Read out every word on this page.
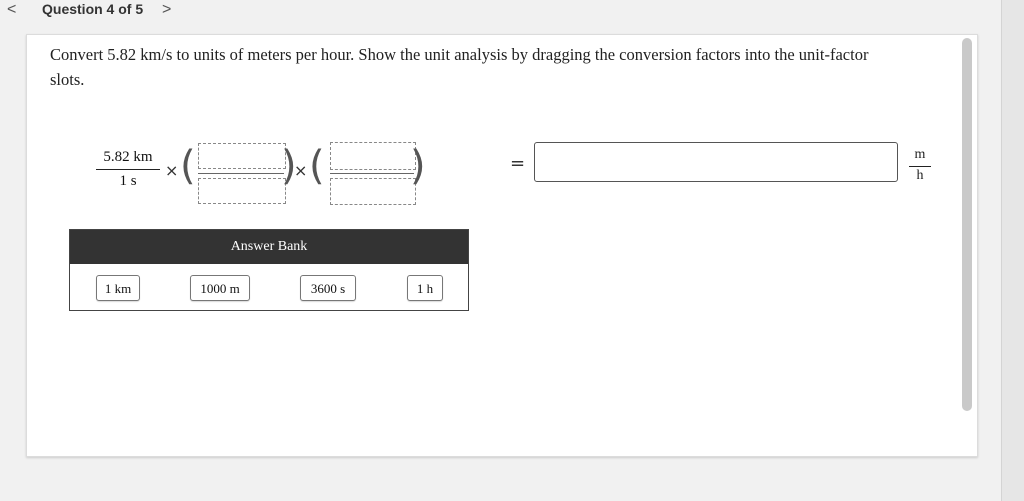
< Question 4 of 5 >
Convert 5.82 km/s to units of meters per hour. Show the unit analysis by dragging the conversion factors into the unit-factor slots.
5.82 km
1 s
× ( )
× ( )	=	m
h
Answer Bank
1 km	1000 m	3600 s	1 h
